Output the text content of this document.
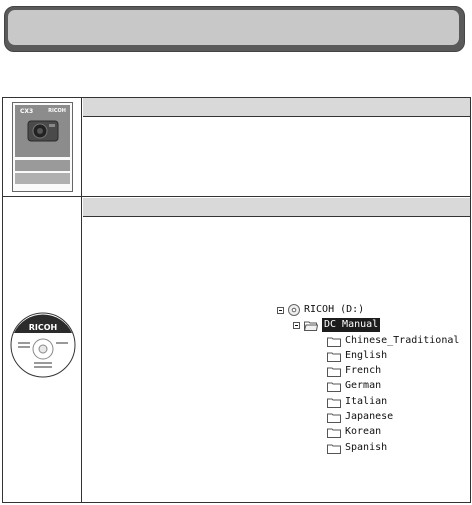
CX3	RICOH
RICOH
RICOH (D:)
DC Manual
Chinese_Traditional
English
French
German
Italian
Japanese
Korean
Spanish
